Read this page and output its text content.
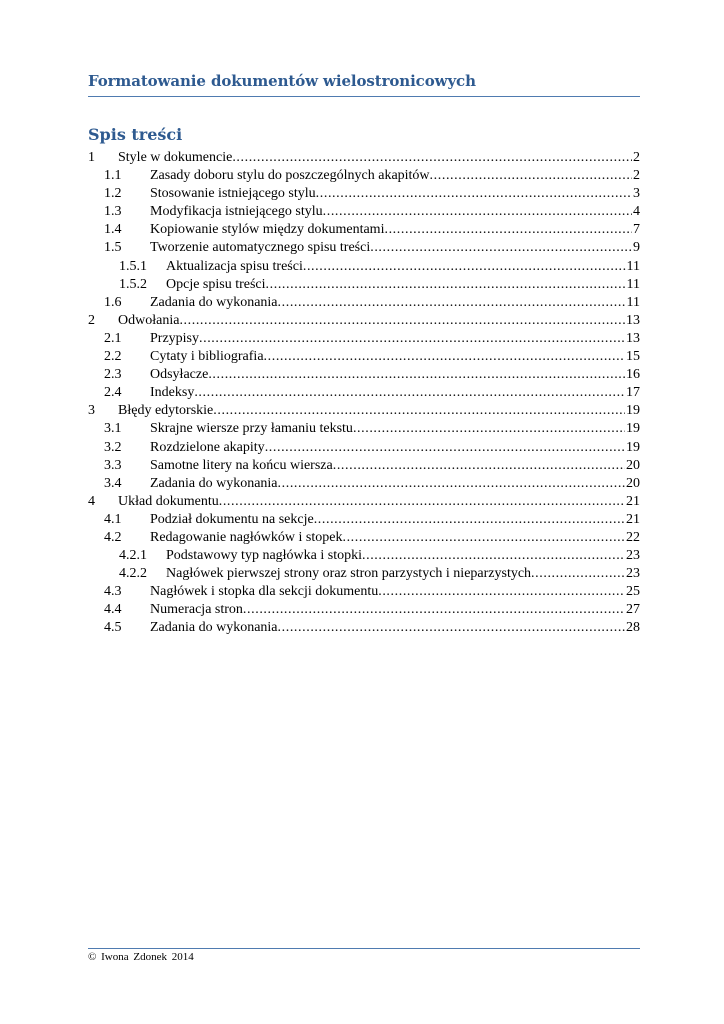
Formatowanie dokumentów wielostronicowych
Spis treści
1 Style w dokumencie .....	2
1.1 Zasady doboru stylu do poszczególnych akapitów .....	2
1.2 Stosowanie istniejącego stylu .....	3
1.3 Modyfikacja istniejącego stylu .....	4
1.4 Kopiowanie stylów między dokumentami .....	7
1.5 Tworzenie automatycznego spisu treści .....	9
1.5.1 Aktualizacja spisu treści .....	11
1.5.2 Opcje spisu treści .....	11
1.6 Zadania do wykonania .....	11
2 Odwołania .....	13
2.1 Przypisy .....	13
2.2 Cytaty i bibliografia .....	15
2.3 Odsyłacze .....	16
2.4 Indeksy .....	17
3 Błędy edytorskie .....	19
3.1 Skrajne wiersze przy łamaniu tekstu .....	19
3.2 Rozdzielone akapity .....	19
3.3 Samotne litery na końcu wiersza .....	20
3.4 Zadania do wykonania .....	20
4 Układ dokumentu .....	21
4.1 Podział dokumentu na sekcje .....	21
4.2 Redagowanie nagłówków i stopek .....	22
4.2.1 Podstawowy typ nagłówka i stopki .....	23
4.2.2 Nagłówek pierwszej strony oraz stron parzystych i nieparzystych .....	23
4.3 Nagłówek i stopka dla sekcji dokumentu .....	25
4.4 Numeracja stron .....	27
4.5 Zadania do wykonania .....	28
© Iwona Zdonek 2014
